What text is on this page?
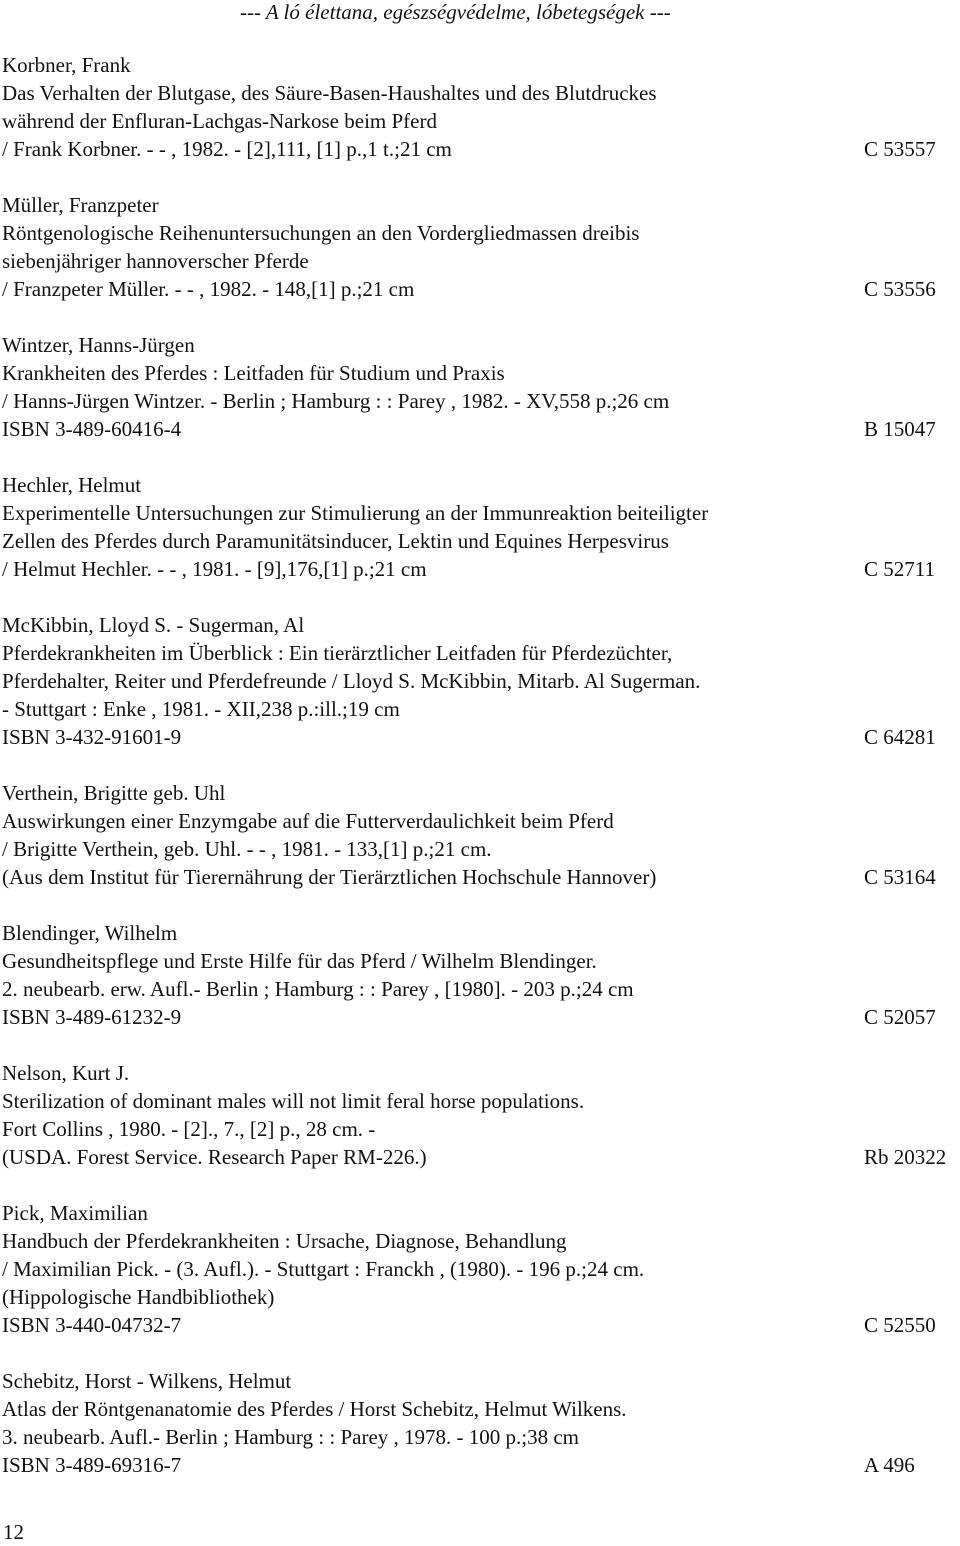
--- A ló élettana, egészségvédelme, lóbetegségek ---
Korbner, Frank
Das Verhalten der Blutgase, des Säure-Basen-Haushaltes und des Blutdruckes
während der Enfluran-Lachgas-Narkose beim Pferd
/ Frank Korbner. - - , 1982. - [2],111, [1] p.,1 t.;21 cm	C 53557
Müller, Franzpeter
Röntgenologische Reihenuntersuchungen an den Vordergliedmassen dreibis
siebenjähriger hannoverscher Pferde
/ Franzpeter Müller. - - , 1982. - 148,[1] p.;21 cm	C 53556
Wintzer, Hanns-Jürgen
Krankheiten des Pferdes : Leitfaden für Studium und Praxis
/ Hanns-Jürgen Wintzer. - Berlin ; Hamburg : : Parey , 1982. - XV,558 p.;26 cm
ISBN 3-489-60416-4	B 15047
Hechler, Helmut
Experimentelle Untersuchungen zur Stimulierung an der Immunreaktion beiteiligter
Zellen des Pferdes durch Paramunitätsinducer, Lektin und Equines Herpesvirus
/ Helmut Hechler. - - , 1981. - [9],176,[1] p.;21 cm	C 52711
McKibbin, Lloyd S. - Sugerman, Al
Pferdekrankheiten im Überblick : Ein tierärztlicher Leitfaden für Pferdezüchter,
Pferdehalter, Reiter und Pferdefreunde / Lloyd S. McKibbin, Mitarb. Al Sugerman.
- Stuttgart : Enke , 1981. - XII,238 p.:ill.;19 cm
ISBN 3-432-91601-9	C 64281
Verthein, Brigitte geb. Uhl
Auswirkungen einer Enzymgabe auf die Futterverdaulichkeit beim Pferd
/ Brigitte Verthein, geb. Uhl. - - , 1981. - 133,[1] p.;21 cm.
(Aus dem Institut für Tierernährung der Tierärztlichen Hochschule Hannover)	C 53164
Blendinger, Wilhelm
Gesundheitspflege und Erste Hilfe für das Pferd / Wilhelm Blendinger.
2. neubearb. erw. Aufl.- Berlin ; Hamburg : : Parey , [1980]. - 203 p.;24 cm
ISBN 3-489-61232-9	C 52057
Nelson, Kurt J.
Sterilization of dominant males will not limit feral horse populations.
Fort Collins , 1980. - [2]., 7., [2] p., 28 cm. -
(USDA. Forest Service. Research Paper RM-226.)	Rb 20322
Pick, Maximilian
Handbuch der Pferdekrankheiten : Ursache, Diagnose, Behandlung
/ Maximilian Pick. - (3. Aufl.). - Stuttgart : Franckh , (1980). - 196 p.;24 cm.
(Hippologische Handbibliothek)
ISBN 3-440-04732-7	C 52550
Schebitz, Horst - Wilkens, Helmut
Atlas der Röntgenanatomie des Pferdes / Horst Schebitz, Helmut Wilkens.
3. neubearb. Aufl.- Berlin ; Hamburg : : Parey , 1978. - 100 p.;38 cm
ISBN 3-489-69316-7	A 496
12
